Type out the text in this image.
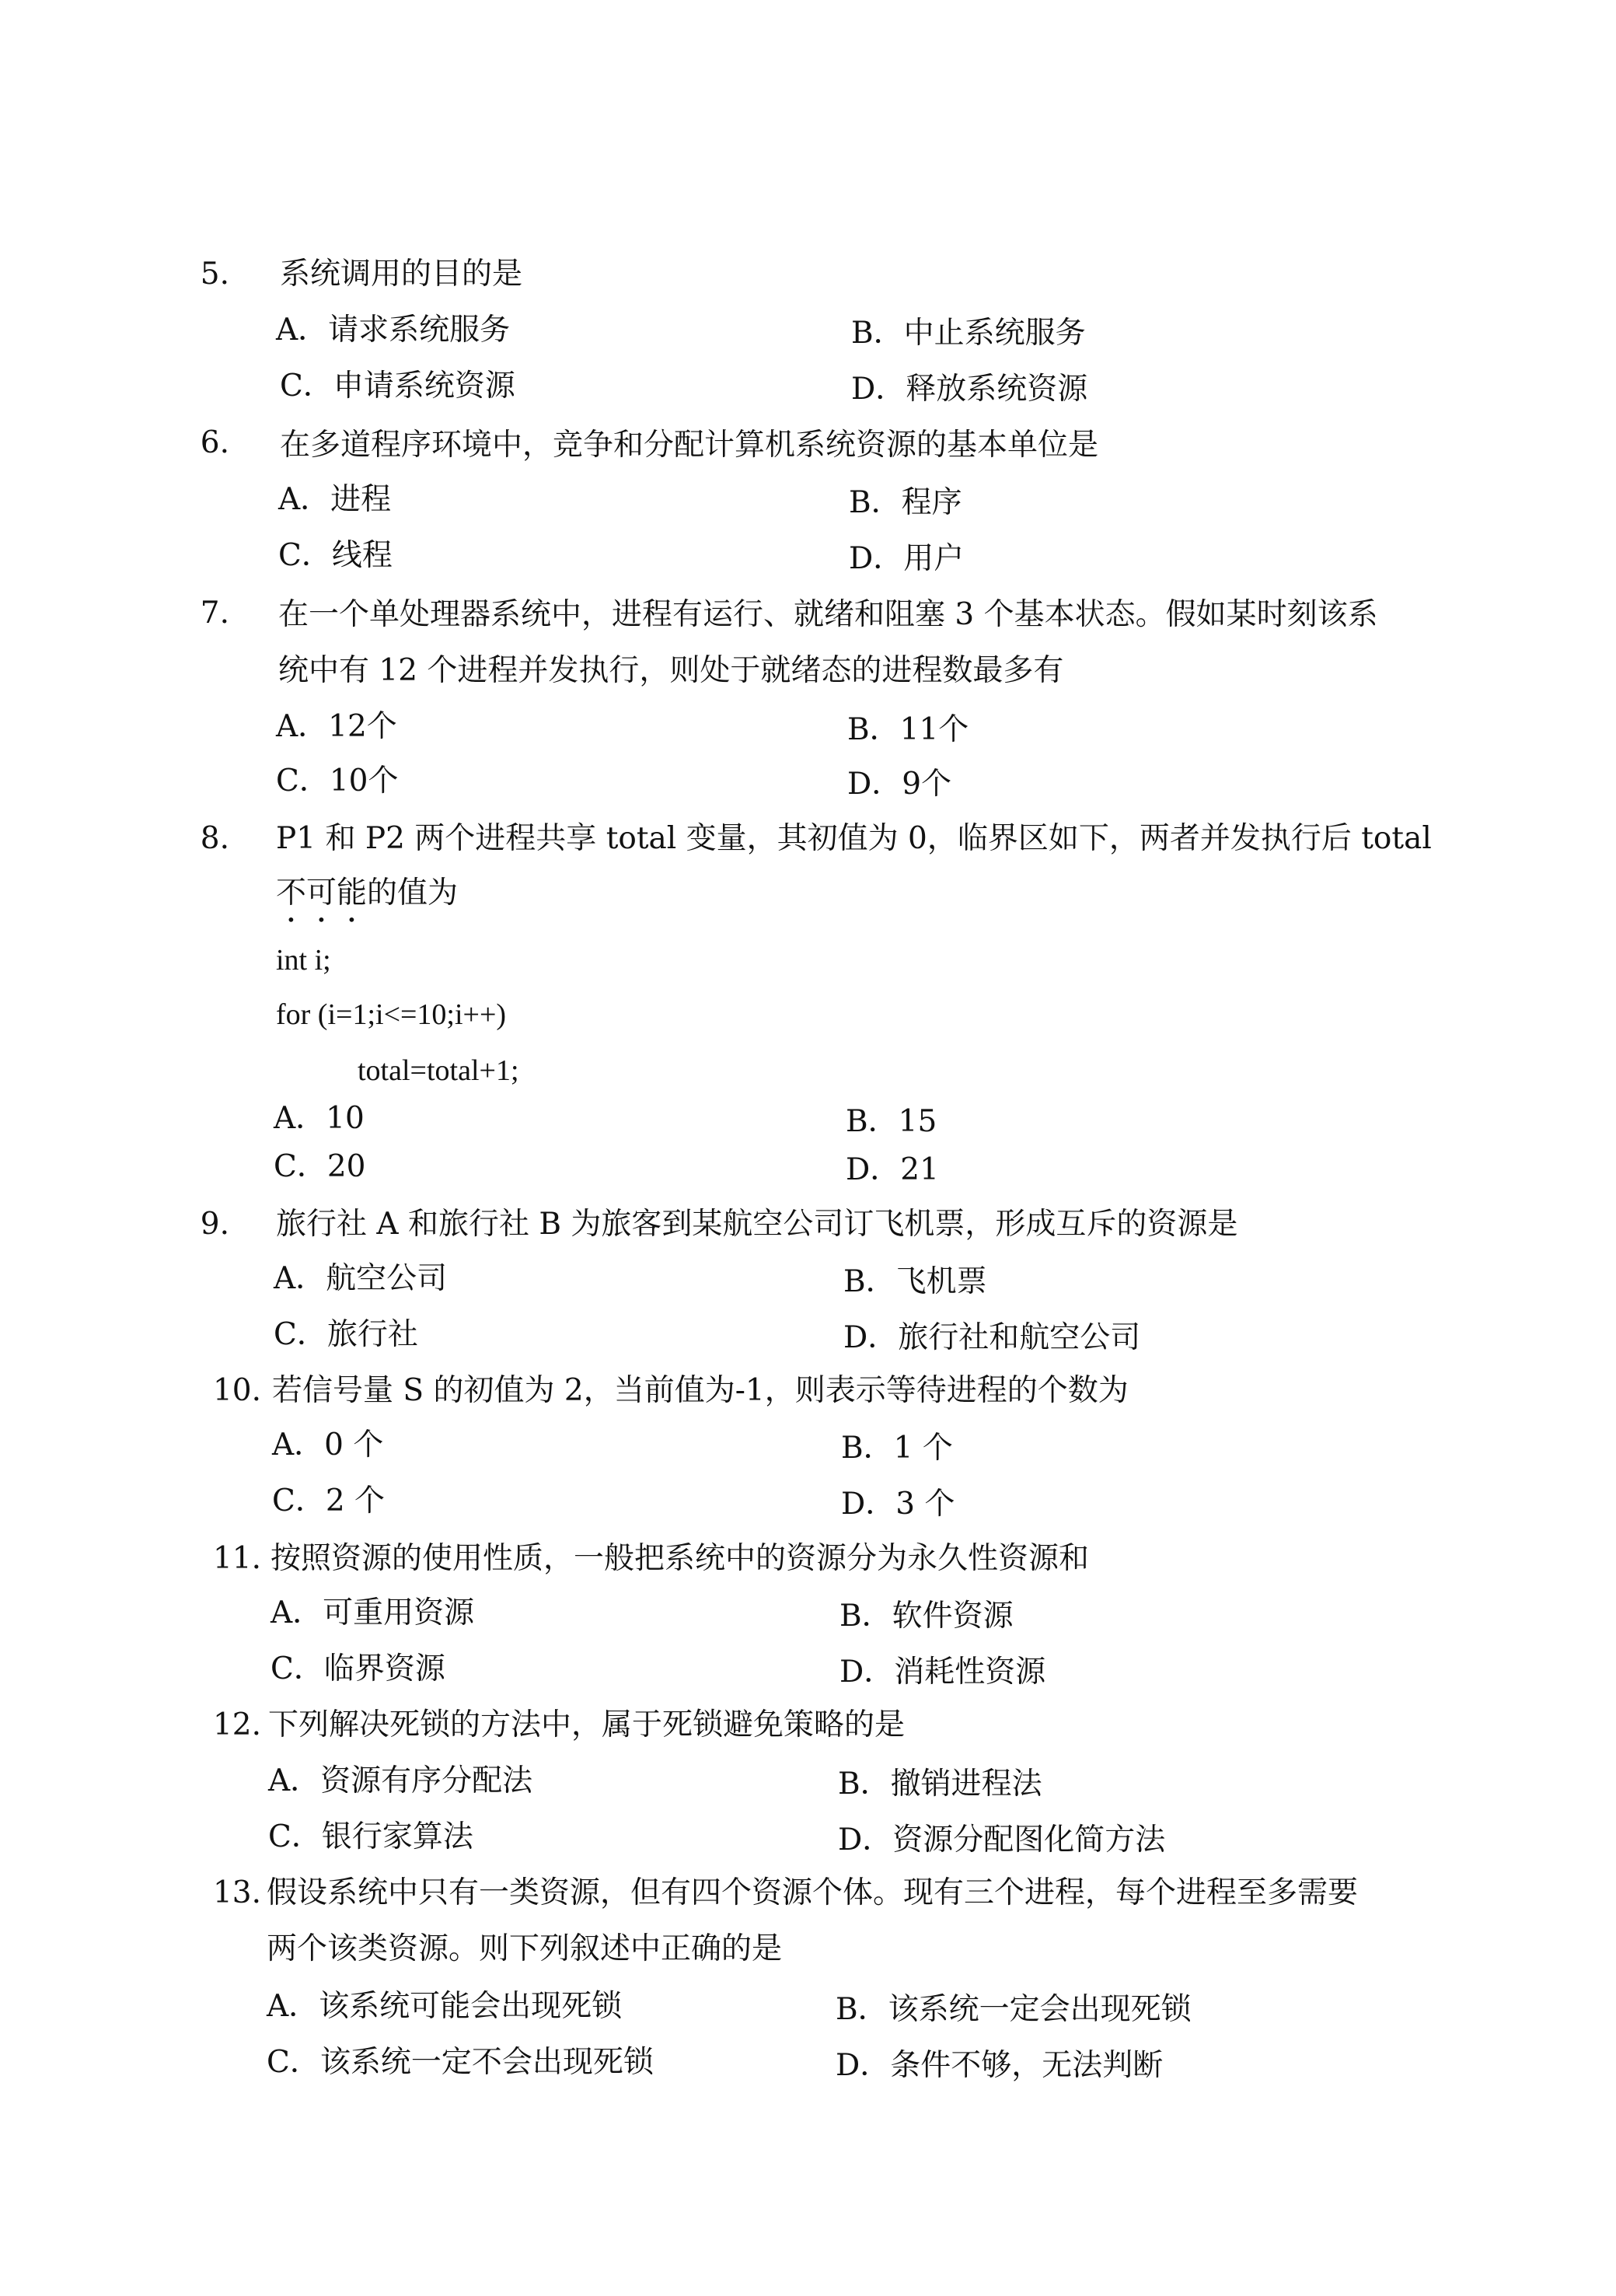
5. 系统调用的目的是
A．请求系统服务	B．中止系统服务
C．申请系统资源	D．释放系统资源
6. 在多道程序环境中，竞争和分配计算机系统资源的基本单位是
A．进程	B．程序
C．线程	D．用户
7. 在一个单处理器系统中，进程有运行、就绪和阻塞 3 个基本状态。假如某时刻该系
统中有 12 个进程并发执行，则处于就绪态的进程数最多有
A．12个	B．11个
C．10个	D．9个
8. P1 和 P2 两个进程共享 total 变量，其初值为 0，临界区如下，两者并发执行后 total
不可能的值为
int i;
for (i=1;i<=10;i++)
total=total+1;
A．10	B．15
C．20	D．21
9. 旅行社 A 和旅行社 B 为旅客到某航空公司订飞机票，形成互斥的资源是
A．航空公司	B．飞机票
C．旅行社	D．旅行社和航空公司
10. 若信号量 S 的初值为 2，当前值为-1，则表示等待进程的个数为
A．0 个	B．1 个
C．2 个	D．3 个
11. 按照资源的使用性质，一般把系统中的资源分为永久性资源和
A．可重用资源	B．软件资源
C．临界资源	D．消耗性资源
12. 下列解决死锁的方法中，属于死锁避免策略的是
A．资源有序分配法	B．撤销进程法
C．银行家算法	D．资源分配图化简方法
13. 假设系统中只有一类资源，但有四个资源个体。现有三个进程，每个进程至多需要
两个该类资源。则下列叙述中正确的是
A．该系统可能会出现死锁	B．该系统一定会出现死锁
C．该系统一定不会出现死锁	D．条件不够，无法判断
